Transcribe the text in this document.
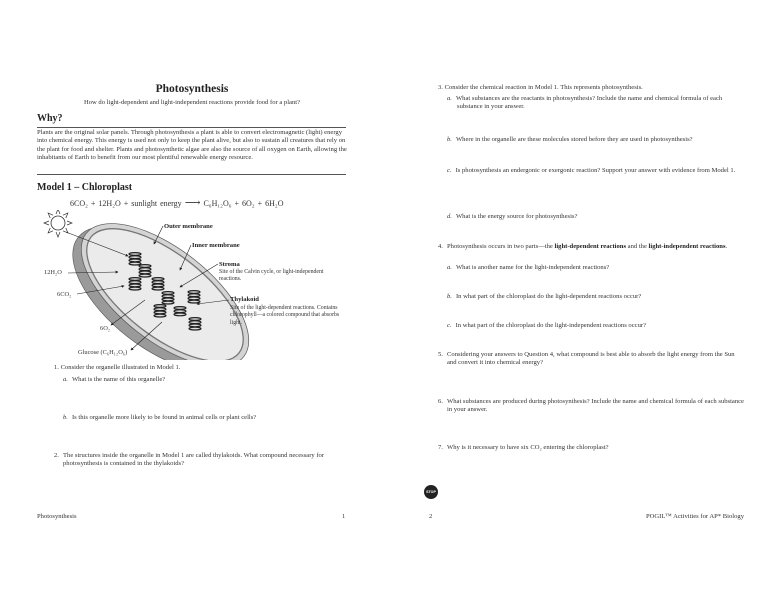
Photosynthesis
How do light-dependent and light-independent reactions provide food for a plant?
Why?
Plants are the original solar panels. Through photosynthesis a plant is able to convert electromagnetic (light) energy into chemical energy. This energy is used not only to keep the plant alive, but also to sustain all creatures that rely on the plant for food and shelter. Plants and photosynthetic algae are also the source of all oxygen on Earth, allowing the inhabitants of Earth to benefit from our most plentiful renewable energy resource.
Model 1 – Chloroplast
6CO₂ + 12H₂O + sunlight energy ⟶ C₆H₁₂O₆ + 6O₂ + 6H₂O
Outer membrane
Inner membrane
Stroma
Site of the Calvin cycle, or light-independent reactions.
Thylakoid
Site of the light-dependent reactions. Contains chlorophyll—a colored compound that absorbs light.
12H₂O
6CO₂
6O₂
Glucose (C₆H₁₂O₆)
1. Consider the organelle illustrated in Model 1.
a. What is the name of this organelle?
b. Is this organelle more likely to be found in animal cells or plant cells?
2. The structures inside the organelle in Model 1 are called thylakoids. What compound necessary for photosynthesis is contained in the thylakoids?
Photosynthesis	1
3. Consider the chemical reaction in Model 1. This represents photosynthesis.
a. What substances are the reactants in photosynthesis? Include the name and chemical formula of each substance in your answer.
b. Where in the organelle are these molecules stored before they are used in photosynthesis?
c. Is photosynthesis an endergonic or exergonic reaction? Support your answer with evidence from Model 1.
d. What is the energy source for photosynthesis?
4. Photosynthesis occurs in two parts—the light-dependent reactions and the light-independent reactions.
a. What is another name for the light-independent reactions?
b. In what part of the chloroplast do the light-dependent reactions occur?
c. In what part of the chloroplast do the light-independent reactions occur?
5. Considering your answers to Question 4, what compound is best able to absorb the light energy from the Sun and convert it into chemical energy?
6. What substances are produced during photosynthesis? Include the name and chemical formula of each substance in your answer.
7. Why is it necessary to have six CO₂ entering the chloroplast?
STOP
2	POGIL™ Activities for AP* Biology
